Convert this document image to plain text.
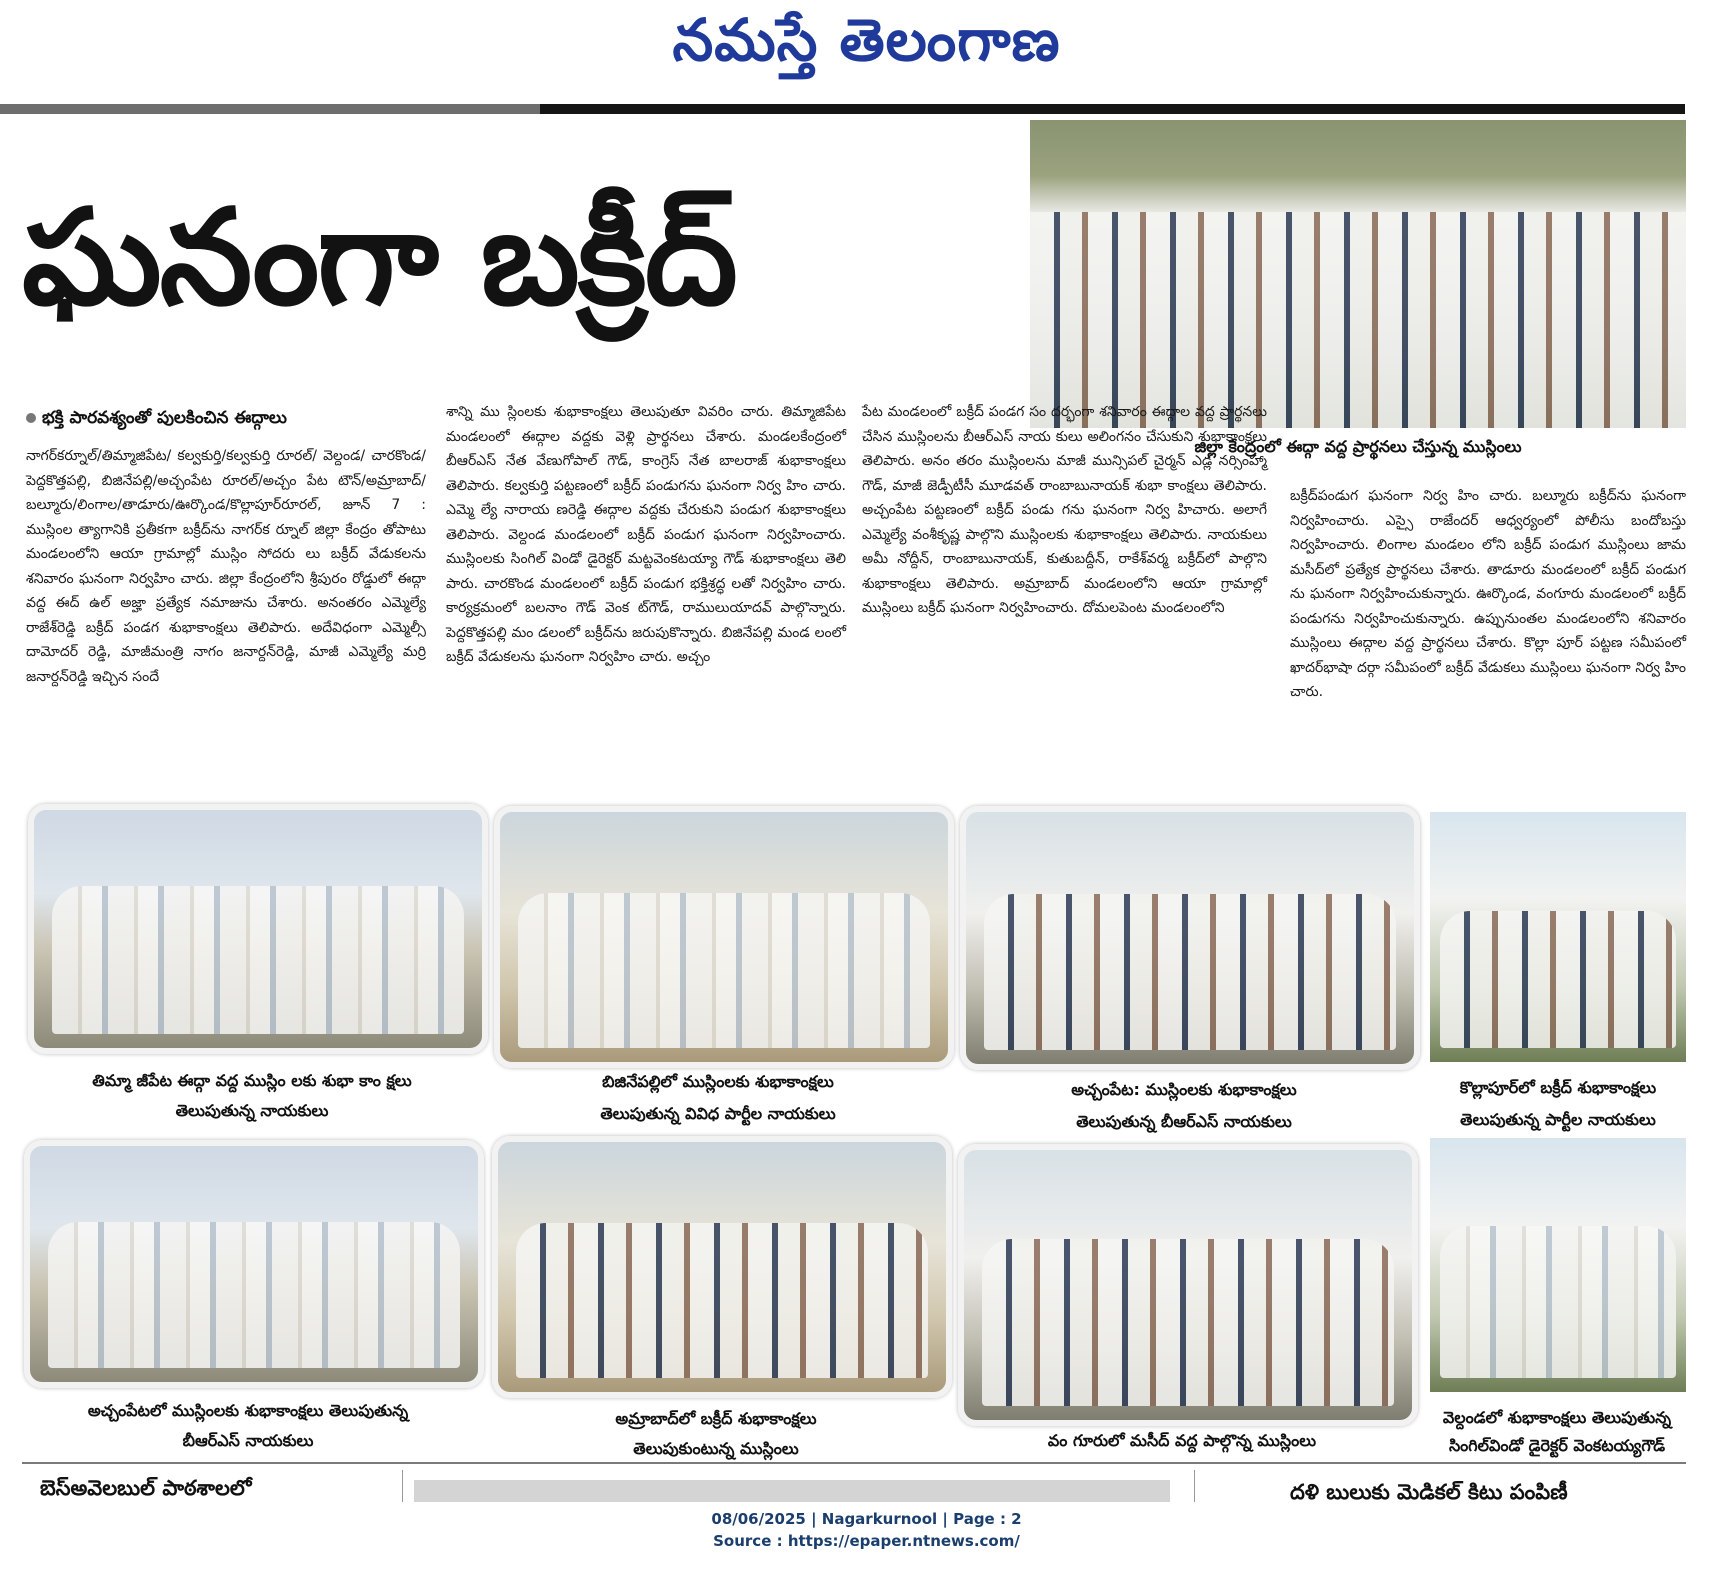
నమస్తే తెలంగాణ
ఘనంగా బక్రీద్
జిల్లా కేంద్రంలో ఈద్గా వద్ద ప్రార్థనలు చేస్తున్న ముస్లింలు
భక్తి పారవశ్యంతో పులకించిన ఈద్గాలు
నాగర్‌కర్నూల్/తిమ్మాజిపేట/ కల్వకుర్తి/కల్వకుర్తి రూరల్/ వెల్దండ/ చారకొండ/పెద్దకొత్తపల్లి, బిజినేపల్లి/అచ్చంపేట రూరల్/అచ్చం పేట టౌన్/అమ్రాబాద్/ బల్మూరు/లింగాల/తాడూరు/ఊర్కొండ/కొల్లాపూర్‌రూరల్, జూన్ 7 : ముస్లింల త్యాగానికి ప్రతీకగా బక్రీద్‌ను నాగర్‌క ర్నూల్ జిల్లా కేంద్రం తోపాటు మండలంలోని ఆయా గ్రామాల్లో ముస్లిం సోదరు లు బక్రీద్ వేడుకలను శనివారం ఘనంగా నిర్వహిం చారు. జిల్లా కేంద్రంలోని శ్రీపురం రోడ్డులో ఈద్గా వద్ద ఈద్ ఉల్ అజ్హా ప్రత్యేక నమాజును చేశారు. అనంతరం ఎమ్మెల్యే రాజేశ్‌రెడ్డి బక్రీద్ పండగ శుభాకాంక్షలు తెలిపారు. అదేవిధంగా ఎమ్మెల్సీ దామోదర్ రెడ్డి, మాజీమంత్రి నాగం జనార్దన్‌రెడ్డి, మాజీ ఎమ్మెల్యే మర్రి జనార్దన్‌రెడ్డి ఇచ్చిన సందే
శాన్ని ము స్లింలకు శుభాకాంక్షలు తెలుపుతూ వివరిం చారు. తిమ్మాజిపేట మండలంలో ఈద్గాల వద్దకు వెళ్లి ప్రార్థనలు చేశారు. మండలకేంద్రంలో బీఆర్ఎస్ నేత వేణుగోపాల్ గౌడ్, కాంగ్రెస్ నేత బాలరాజ్ శుభాకాంక్షలు తెలిపారు. కల్వకుర్తి పట్టణంలో బక్రీద్ పండుగను ఘనంగా నిర్వ హిం చారు. ఎమ్మె ల్యే నారాయ ణరెడ్డి ఈద్గాల వద్దకు చేరుకుని పండుగ శుభాకాంక్షలు తెలిపారు. వెల్దండ మండలంలో బక్రీద్ పండుగ ఘనంగా నిర్వహించారు. ముస్లింలకు సింగిల్ విండో డైరెక్టర్ మట్టవెంకటయ్యా గౌడ్ శుభాకాంక్షలు తెలి పారు. చారకొండ మండలంలో బక్రీద్ పండుగ భక్తిశ్రద్ధ లతో నిర్వహిం చారు. కార్యక్రమంలో బలనాం గౌడ్ వెంక ట్‌గౌడ్, రాములుయాదవ్ పాల్గొన్నారు. పెద్దకొత్తపల్లి మం డలంలో బక్రీద్‌ను జరుపుకొన్నారు. బిజినేపల్లి మండ లంలో బక్రీద్ వేడుకలను ఘనంగా నిర్వహిం చారు. అచ్చం
పేట మండలంలో బక్రీద్ పండగ సం దర్భంగా శనివారం ఈద్గాల వద్ద ప్రార్థనలు చేసిన ముస్లింలను బీఆర్ఎస్ నాయ కులు అలింగనం చేసుకుని శుభాకాంక్షలు తెలిపారు. అనం తరం ముస్లింలను మాజీ మున్సిపల్ చైర్మన్ ఎడ్ల నర్సింహ్మా గౌడ్, మాజీ జెడ్పీటీసీ మూడవత్ రాంబాబునాయక్ శుభా కాంక్షలు తెలిపారు. అచ్చంపేట పట్టణంలో బక్రీద్ పండు గను ఘనంగా నిర్వ హిచారు. అలాగే ఎమ్మెల్యే వంశీకృష్ణ పాల్గొని ముస్లింలకు శుభాకాంక్షలు తెలిపారు. నాయకులు అమీ నోద్దీన్, రాంబాబునాయక్, కుతుబద్దీన్, రాకేశ్‌వర్మ బక్రీద్‌లో పాల్గొని శుభాకాంక్షలు తెలిపారు. అమ్రాబాద్ మండలంలోని ఆయా గ్రామాల్లో ముస్లింలు బక్రీద్ ఘనంగా నిర్వహించారు. దోమలపెంట మండలంలోని
బక్రీద్‌పండుగ ఘనంగా నిర్వ హిం చారు. బల్మూరు బక్రీద్‌ను ఘనంగా నిర్వహించారు. ఎస్సై రాజేందర్ ఆధ్వర్యంలో పోలీసు బందోబస్తు నిర్వహించారు. లింగాల మండలం లోని బక్రీద్ పండుగ ముస్లింలు జామ మసీద్‌లో ప్రత్యేక ప్రార్థనలు చేశారు. తాడూరు మండలంలో బక్రీద్ పండుగ ను ఘనంగా నిర్వహించుకున్నారు. ఊర్కొండ, వంగూరు మండలంలో బక్రీద్ పండుగను నిర్వహించుకున్నారు. ఉప్పునుంతల మండలంలోని శనివారం ముస్లింలు ఈద్గాల వద్ద ప్రార్థనలు చేశారు. కొల్లా పూర్ పట్టణ సమీపంలో ఖాదర్‌భాషా దర్గా సమీపంలో బక్రీద్ వేడుకలు ముస్లింలు ఘనంగా నిర్వ హిం చారు.
తిమ్మా జీపేట ఈద్గా వద్ద ముస్లిం లకు శుభా కాం క్షలు
తెలుపుతున్న నాయకులు
బిజినేపల్లిలో ముస్లింలకు శుభాకాంక్షలు
తెలుపుతున్న వివిధ పార్టీల నాయకులు
అచ్చంపేట: ముస్లింలకు శుభాకాంక్షలు
తెలుపుతున్న బీఆర్ఎస్ నాయకులు
కొల్లాపూర్‌లో బక్రీద్ శుభాకాంక్షలు
తెలుపుతున్న పార్టీల నాయకులు
అచ్చంపేటలో ముస్లింలకు శుభాకాంక్షలు తెలుపుతున్న
బీఆర్ఎస్ నాయకులు
అమ్రాబాద్‌లో బక్రీద్ శుభాకాంక్షలు
తెలుపుకుంటున్న ముస్లింలు	వం గూరులో మసీద్ వద్ద పాల్గొన్న ముస్లింలు
వెల్దండలో శుభాకాంక్షలు తెలుపుతున్న
సింగిల్‌విండో డైరెక్టర్ వెంకటయ్యగౌడ్
బెస్‌అవెలబుల్ పాఠశాలలో	దళి బులుకు మెడికల్ కిటు పంపిణీ
08/06/2025 | Nagarkurnool | Page : 2
Source : https://epaper.ntnews.com/
